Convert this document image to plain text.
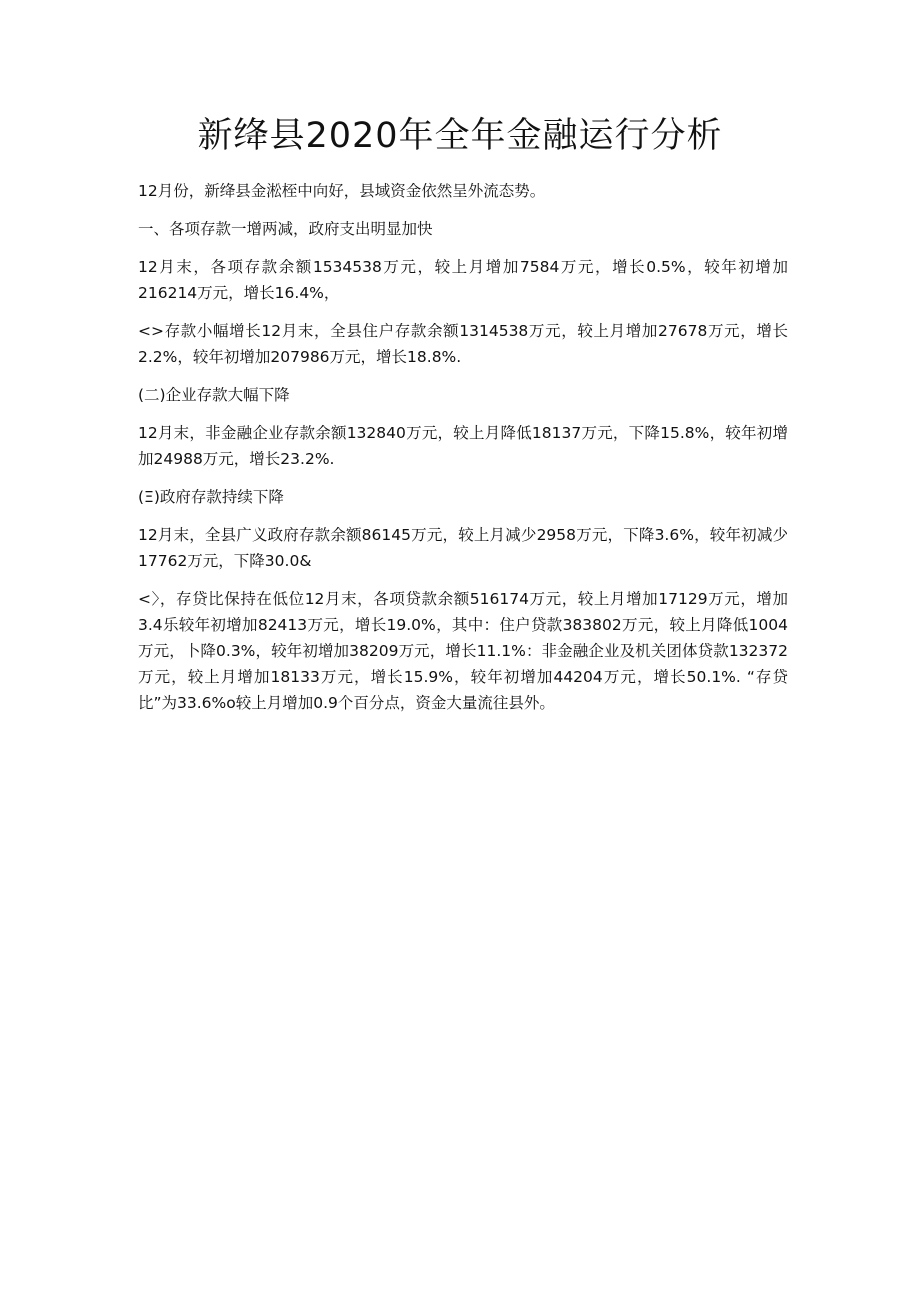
新绛县2020年全年金融运行分析

12月份，新绛县金淞桎中向好，县域资金依然呈外流态势。

一、各项存款一增两减，政府支出明显加快

12月末，各项存款余额1534538万元，较上月增加7584万元，增长0.5%，较年初增加216214万元，增长16.4%，

<>存款小幅增长12月末，全县住户存款余额1314538万元，较上月增加27678万元，增长2.2%，较年初增加207986万元，增长18.8%.

(二)企业存款大幅下降

12月末，非金融企业存款余额132840万元，较上月降低18137万元，下降15.8%，较年初增加24988万元，增长23.2%.

(Ξ)政府存款持续下降

12月末，全县广义政府存款余额86145万元，较上月减少2958万元，下降3.6%，较年初减少17762万元，下降30.0&

<〉，存贷比保持在低位12月末，各项贷款余额516174万元，较上月增加17129万元，增加3.4乐较年初增加82413万元，增长19.0%，其中：住户贷款383802万元，较上月降低1004万元，卜降0.3%，较年初增加38209万元，增长11.1%：非金融企业及机关团体贷款132372万元，较上月增加18133万元，增长15.9%，较年初增加44204万元，增长50.1%. “存贷比”为33.6%o较上月增加0.9个百分点，资金大量流往县外。
